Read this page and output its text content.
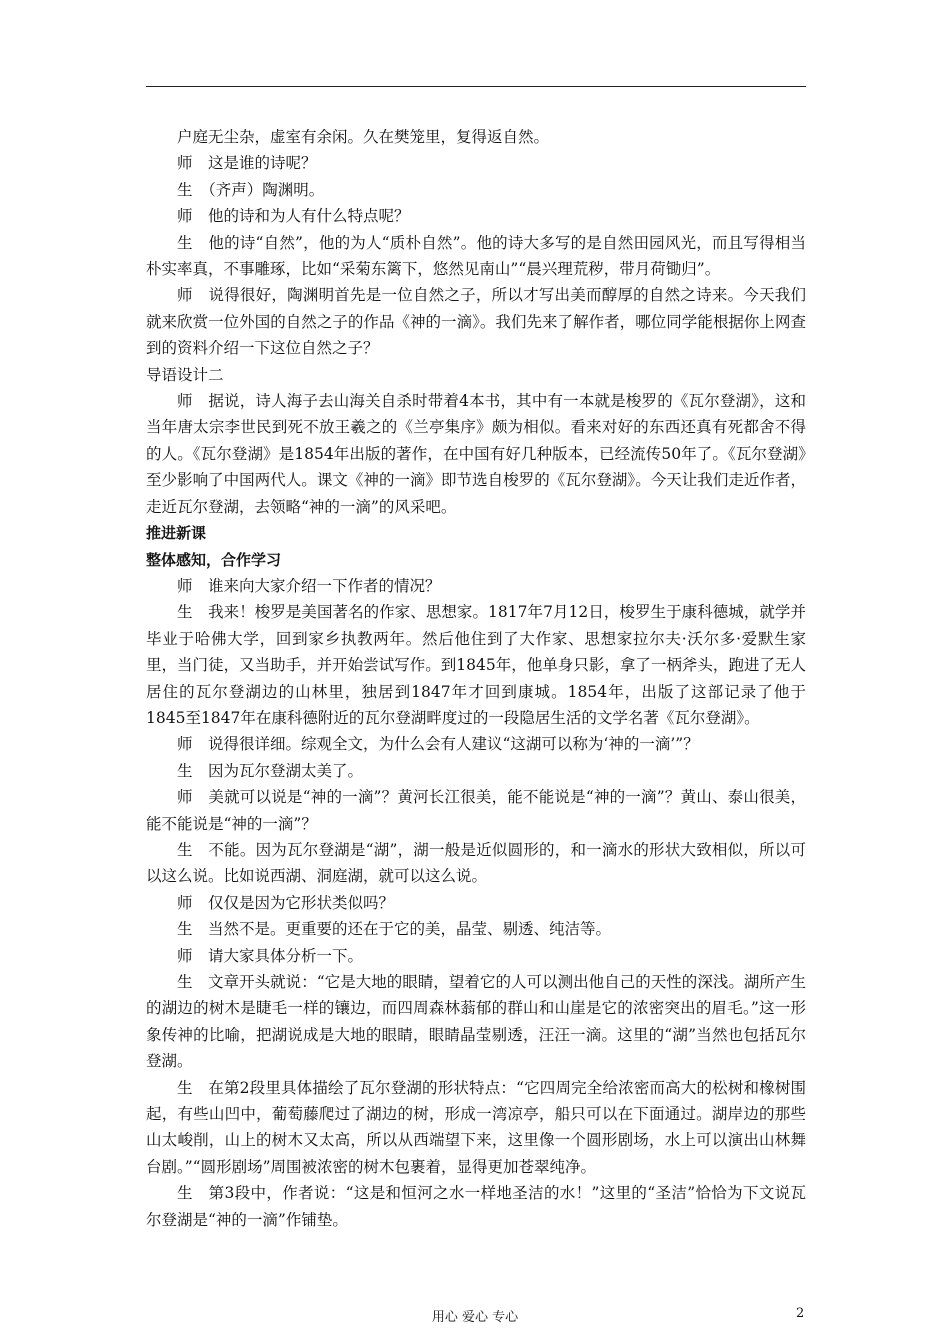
户庭无尘杂，虚室有余闲。久在樊笼里，复得返自然。

师　这是谁的诗呢？

生　（齐声）陶渊明。

师　他的诗和为人有什么特点呢？

生　他的诗“自然”，他的为人“质朴自然”。他的诗大多写的是自然田园风光，而且写得相当朴实率真，不事雕琢，比如“采菊东篱下，悠然见南山”“晨兴理荒秽，带月荷锄归”。

师　说得很好，陶渊明首先是一位自然之子，所以才写出美而醇厚的自然之诗来。今天我们就来欣赏一位外国的自然之子的作品《神的一滴》。我们先来了解作者，哪位同学能根据你上网查到的资料介绍一下这位自然之子？

导语设计二

师　据说，诗人海子去山海关自杀时带着4本书，其中有一本就是梭罗的《瓦尔登湖》，这和当年唐太宗李世民到死不放王羲之的《兰亭集序》颇为相似。看来对好的东西还真有死都舍不得的人。《瓦尔登湖》是1854年出版的著作，在中国有好几种版本，已经流传50年了。《瓦尔登湖》至少影响了中国两代人。课文《神的一滴》即节选自梭罗的《瓦尔登湖》。今天让我们走近作者，走近瓦尔登湖，去领略“神的一滴”的风采吧。

推进新课

整体感知，合作学习

师　谁来向大家介绍一下作者的情况？

生　我来！梭罗是美国著名的作家、思想家。1817年7月12日，梭罗生于康科德城，就学并毕业于哈佛大学，回到家乡执教两年。然后他住到了大作家、思想家拉尔夫·沃尔多·爱默生家里，当门徒，又当助手，并开始尝试写作。到1845年，他单身只影，拿了一柄斧头，跑进了无人居住的瓦尔登湖边的山林里，独居到1847年才回到康城。1854年，出版了这部记录了他于1845至1847年在康科德附近的瓦尔登湖畔度过的一段隐居生活的文学名著《瓦尔登湖》。

师　说得很详细。综观全文，为什么会有人建议“这湖可以称为‘神的一滴’”？

生　因为瓦尔登湖太美了。

师　美就可以说是“神的一滴”？黄河长江很美，能不能说是“神的一滴”？黄山、泰山很美，能不能说是“神的一滴”？

生　不能。因为瓦尔登湖是“湖”，湖一般是近似圆形的，和一滴水的形状大致相似，所以可以这么说。比如说西湖、洞庭湖，就可以这么说。

师　仅仅是因为它形状类似吗？

生　当然不是。更重要的还在于它的美，晶莹、剔透、纯洁等。

师　请大家具体分析一下。

生　文章开头就说：“它是大地的眼睛，望着它的人可以测出他自己的天性的深浅。湖所产生的湖边的树木是睫毛一样的镶边，而四周森林蓊郁的群山和山崖是它的浓密突出的眉毛。”这一形象传神的比喻，把湖说成是大地的眼睛，眼睛晶莹剔透，汪汪一滴。这里的“湖”当然也包括瓦尔登湖。

生　在第2段里具体描绘了瓦尔登湖的形状特点：“它四周完全给浓密而高大的松树和橡树围起，有些山凹中，葡萄藤爬过了湖边的树，形成一湾凉亭，船只可以在下面通过。湖岸边的那些山太峻削，山上的树木又太高，所以从西端望下来，这里像一个圆形剧场，水上可以演出山林舞台剧。”“圆形剧场”周围被浓密的树木包裹着，显得更加苍翠纯净。

生　第3段中，作者说：“这是和恒河之水一样地圣洁的水！”这里的“圣洁”恰恰为下文说瓦尔登湖是“神的一滴”作铺垫。

用心 爱心 专心	2
